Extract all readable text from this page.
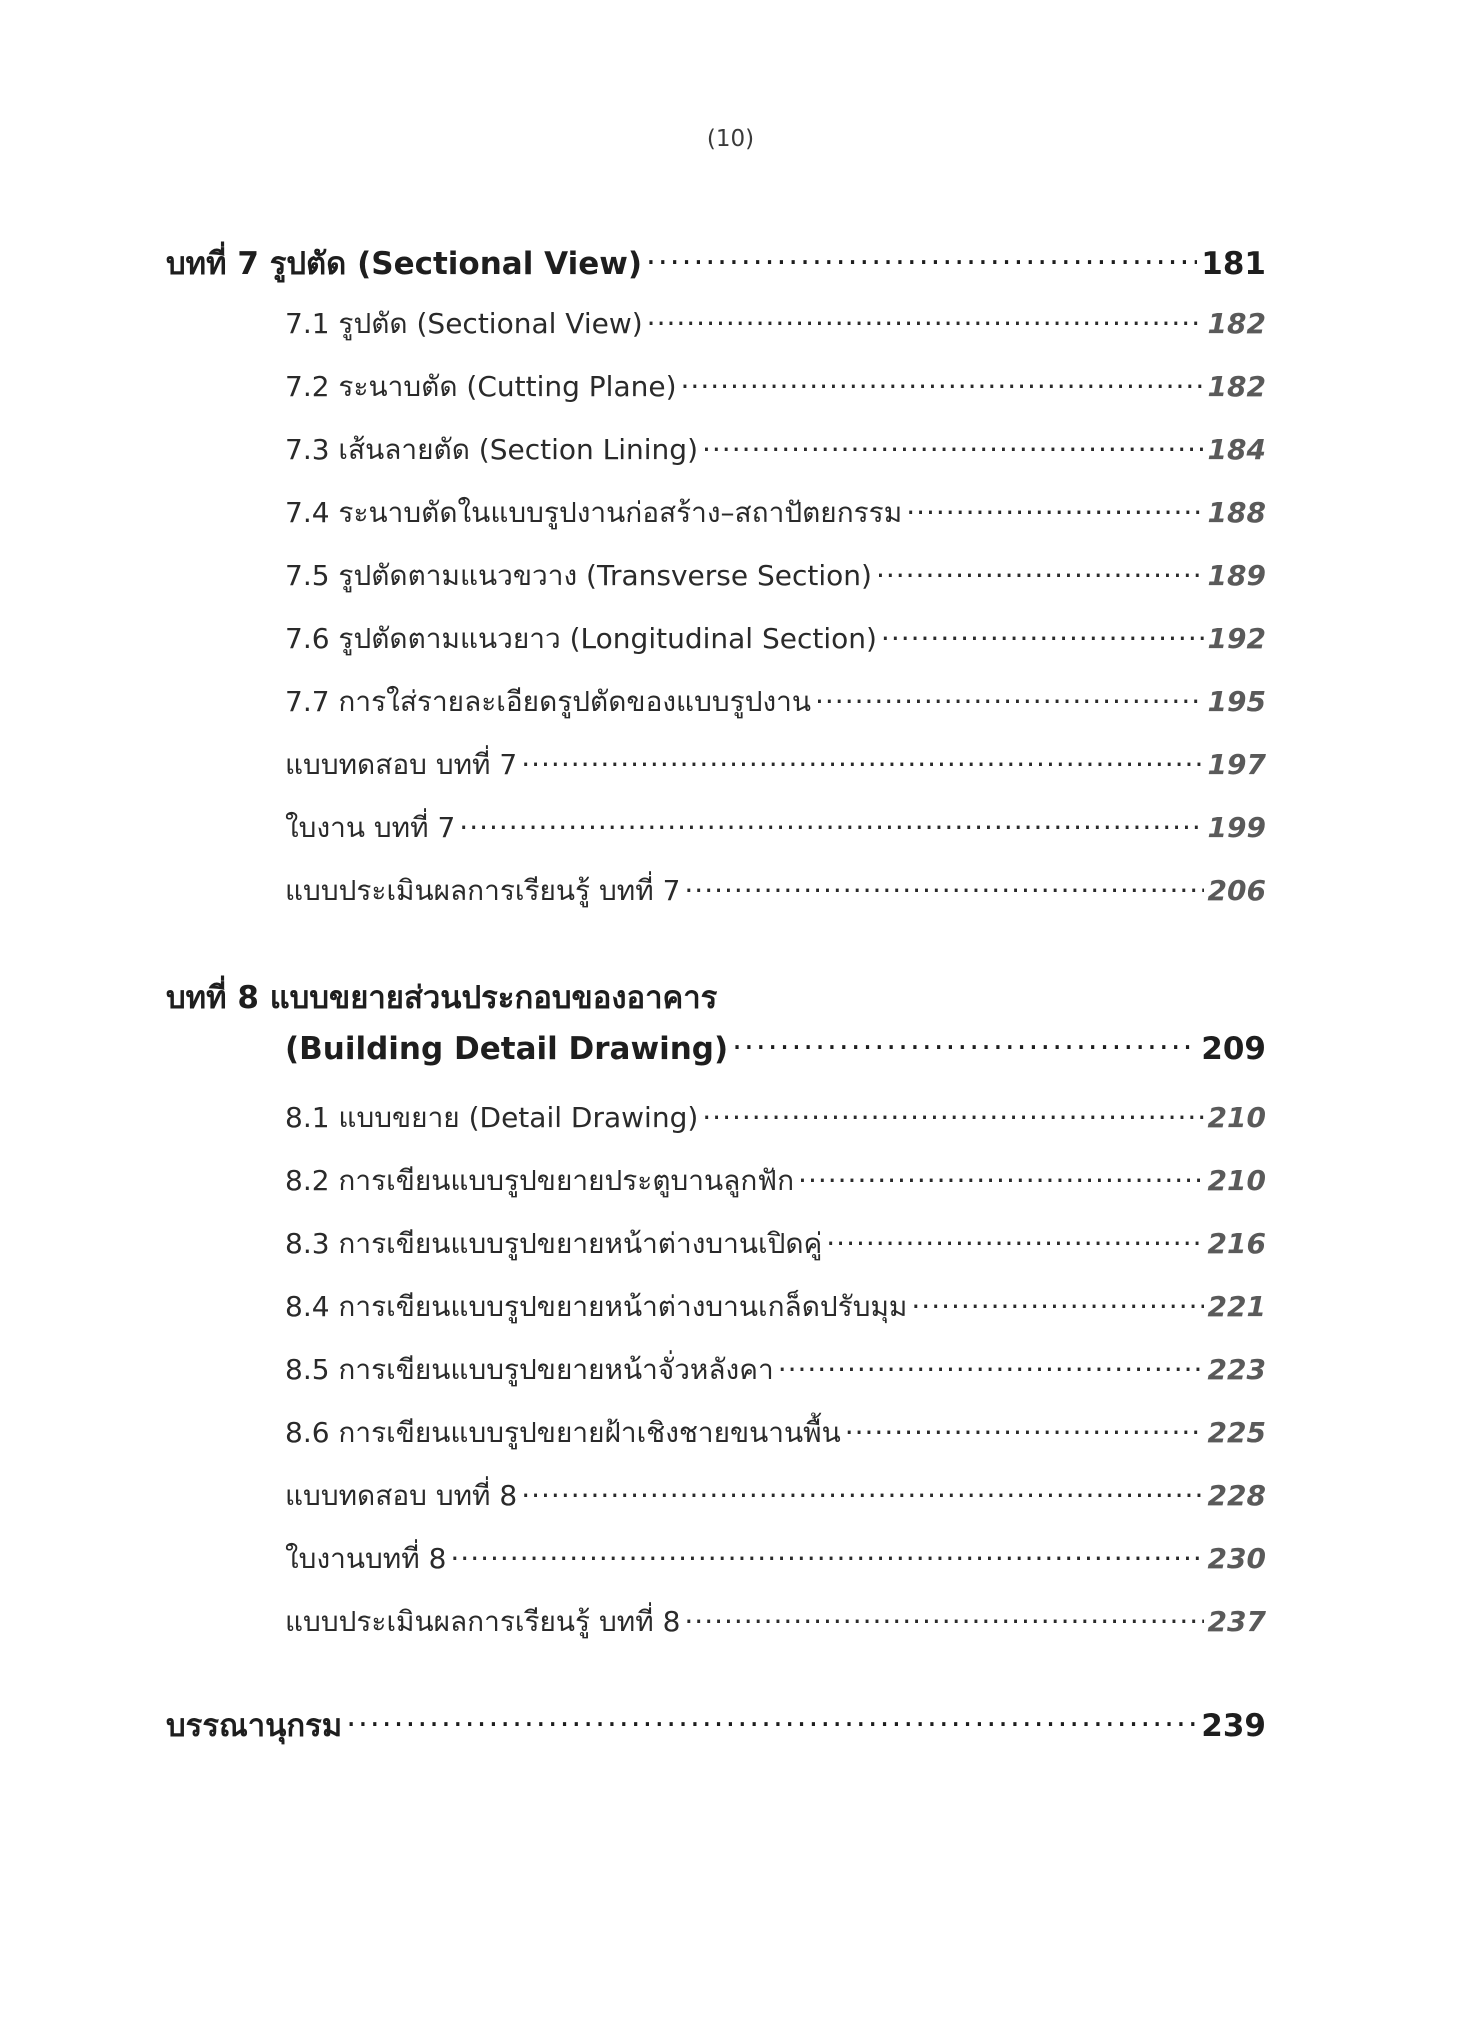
(10)
บทที่ 7 รูปตัด (Sectional View) .....	181
7.1 รูปตัด (Sectional View) .....	182
7.2 ระนาบตัด (Cutting Plane) .....	182
7.3 เส้นลายตัด (Section Lining) .....	184
7.4 ระนาบตัดในแบบรูปงานก่อสร้าง–สถาปัตยกรรม .....	188
7.5 รูปตัดตามแนวขวาง (Transverse Section) .....	189
7.6 รูปตัดตามแนวยาว (Longitudinal Section) .....	192
7.7 การใส่รายละเอียดรูปตัดของแบบรูปงาน .....	195
แบบทดสอบ บทที่ 7 .....	197
ใบงาน บทที่ 7 .....	199
แบบประเมินผลการเรียนรู้ บทที่ 7 .....	206
บทที่ 8 แบบขยายส่วนประกอบของอาคาร
(Building Detail Drawing) .....	209
8.1 แบบขยาย (Detail Drawing) .....	210
8.2 การเขียนแบบรูปขยายประตูบานลูกฟัก .....	210
8.3 การเขียนแบบรูปขยายหน้าต่างบานเปิดคู่ .....	216
8.4 การเขียนแบบรูปขยายหน้าต่างบานเกล็ดปรับมุม .....	221
8.5 การเขียนแบบรูปขยายหน้าจั่วหลังคา .....	223
8.6 การเขียนแบบรูปขยายฝ้าเชิงชายขนานพื้น .....	225
แบบทดสอบ บทที่ 8 .....	228
ใบงานบทที่ 8 .....	230
แบบประเมินผลการเรียนรู้ บทที่ 8 .....	237
บรรณานุกรม .....	239
